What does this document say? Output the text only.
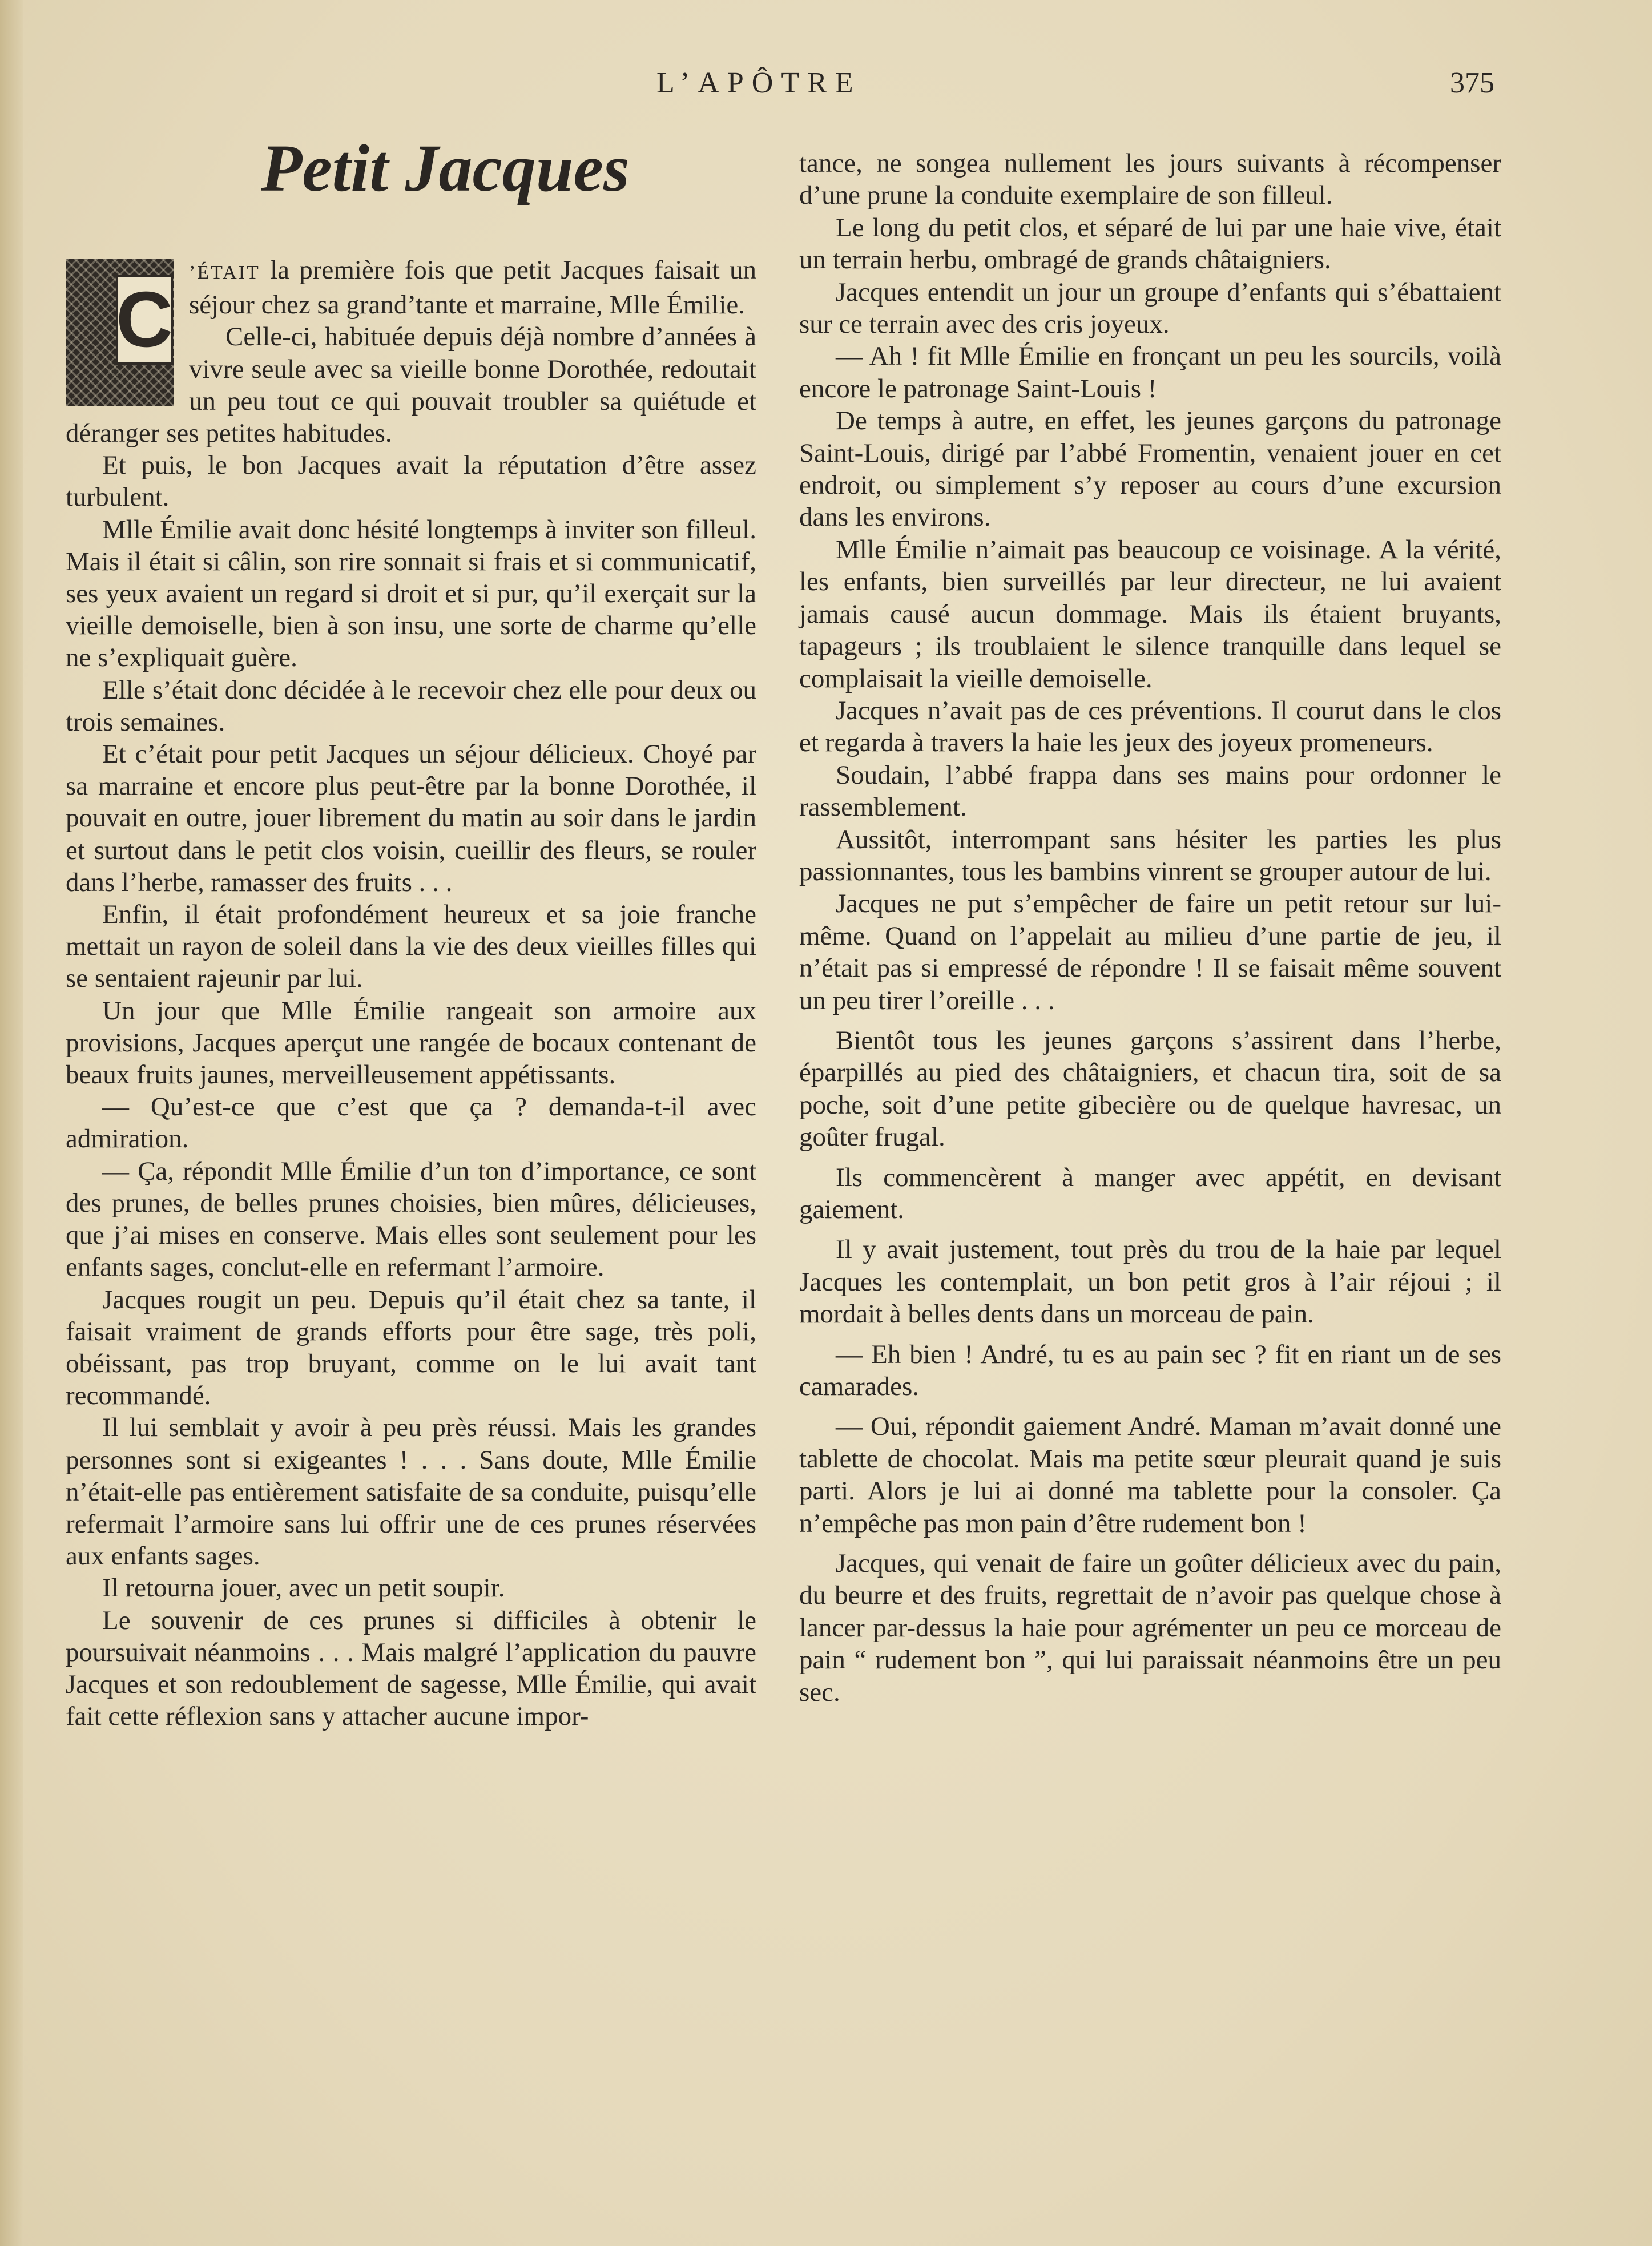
L’APÔTRE	375
Petit Jacques
C

’ÉTAIT la première fois que petit Jacques faisait un séjour chez sa grand’tante et marraine, Mlle Émilie.

Celle-ci, habituée depuis déjà nombre d’années à vivre seule avec sa vieille bonne Dorothée, redoutait un peu tout ce qui pouvait troubler sa quiétude et déranger ses petites habitudes.

Et puis, le bon Jacques avait la réputation d’être assez turbulent.

Mlle Émilie avait donc hésité longtemps à inviter son filleul. Mais il était si câlin, son rire sonnait si frais et si communicatif, ses yeux avaient un regard si droit et si pur, qu’il exerçait sur la vieille demoiselle, bien à son insu, une sorte de charme qu’elle ne s’expliquait guère.

Elle s’était donc décidée à le recevoir chez elle pour deux ou trois semaines.

Et c’était pour petit Jacques un séjour délicieux. Choyé par sa marraine et encore plus peut-être par la bonne Dorothée, il pouvait en outre, jouer librement du matin au soir dans le jardin et surtout dans le petit clos voisin, cueillir des fleurs, se rouler dans l’herbe, ramasser des fruits . . .

Enfin, il était profondément heureux et sa joie franche mettait un rayon de soleil dans la vie des deux vieilles filles qui se sentaient rajeunir par lui.

Un jour que Mlle Émilie rangeait son armoire aux provisions, Jacques aperçut une rangée de bocaux contenant de beaux fruits jaunes, merveilleusement appétissants.

— Qu’est-ce que c’est que ça ? demanda-t-il avec admiration.

— Ça, répondit Mlle Émilie d’un ton d’importance, ce sont des prunes, de belles prunes choisies, bien mûres, délicieuses, que j’ai mises en conserve. Mais elles sont seulement pour les enfants sages, conclut-elle en refermant l’armoire.

Jacques rougit un peu. Depuis qu’il était chez sa tante, il faisait vraiment de grands efforts pour être sage, très poli, obéissant, pas trop bruyant, comme on le lui avait tant recommandé.

Il lui semblait y avoir à peu près réussi. Mais les grandes personnes sont si exigeantes ! . . . Sans doute, Mlle Émilie n’était-elle pas entièrement satisfaite de sa conduite, puisqu’elle refermait l’armoire sans lui offrir une de ces prunes réservées aux enfants sages.

Il retourna jouer, avec un petit soupir.

Le souvenir de ces prunes si difficiles à obtenir le poursuivait néanmoins . . . Mais malgré l’application du pauvre Jacques et son redoublement de sagesse, Mlle Émilie, qui avait fait cette réflexion sans y attacher aucune impor-

tance, ne songea nullement les jours suivants à récompenser d’une prune la conduite exemplaire de son filleul.

Le long du petit clos, et séparé de lui par une haie vive, était un terrain herbu, ombragé de grands châtaigniers.

Jacques entendit un jour un groupe d’enfants qui s’ébattaient sur ce terrain avec des cris joyeux.

— Ah ! fit Mlle Émilie en fronçant un peu les sourcils, voilà encore le patronage Saint-Louis !

De temps à autre, en effet, les jeunes garçons du patronage Saint-Louis, dirigé par l’abbé Fromentin, venaient jouer en cet endroit, ou simplement s’y reposer au cours d’une excursion dans les environs.

Mlle Émilie n’aimait pas beaucoup ce voisinage. A la vérité, les enfants, bien surveillés par leur directeur, ne lui avaient jamais causé aucun dommage. Mais ils étaient bruyants, tapageurs ; ils troublaient le silence tranquille dans lequel se complaisait la vieille demoiselle.

Jacques n’avait pas de ces préventions. Il courut dans le clos et regarda à travers la haie les jeux des joyeux promeneurs.

Soudain, l’abbé frappa dans ses mains pour ordonner le rassemblement.

Aussitôt, interrompant sans hésiter les parties les plus passionnantes, tous les bambins vinrent se grouper autour de lui.

Jacques ne put s’empêcher de faire un petit retour sur lui-même. Quand on l’appelait au milieu d’une partie de jeu, il n’était pas si empressé de répondre ! Il se faisait même souvent un peu tirer l’oreille . . .

Bientôt tous les jeunes garçons s’assirent dans l’herbe, éparpillés au pied des châtaigniers, et chacun tira, soit de sa poche, soit d’une petite gibecière ou de quelque havresac, un goûter frugal.

Ils commencèrent à manger avec appétit, en devisant gaiement.

Il y avait justement, tout près du trou de la haie par lequel Jacques les contemplait, un bon petit gros à l’air réjoui ; il mordait à belles dents dans un morceau de pain.

— Eh bien ! André, tu es au pain sec ? fit en riant un de ses camarades.

— Oui, répondit gaiement André. Maman m’avait donné une tablette de chocolat. Mais ma petite sœur pleurait quand je suis parti. Alors je lui ai donné ma tablette pour la consoler. Ça n’empêche pas mon pain d’être rudement bon !

Jacques, qui venait de faire un goûter délicieux avec du pain, du beurre et des fruits, regrettait de n’avoir pas quelque chose à lancer par-dessus la haie pour agrémenter un peu ce morceau de pain “ rudement bon ”, qui lui paraissait néanmoins être un peu sec.
